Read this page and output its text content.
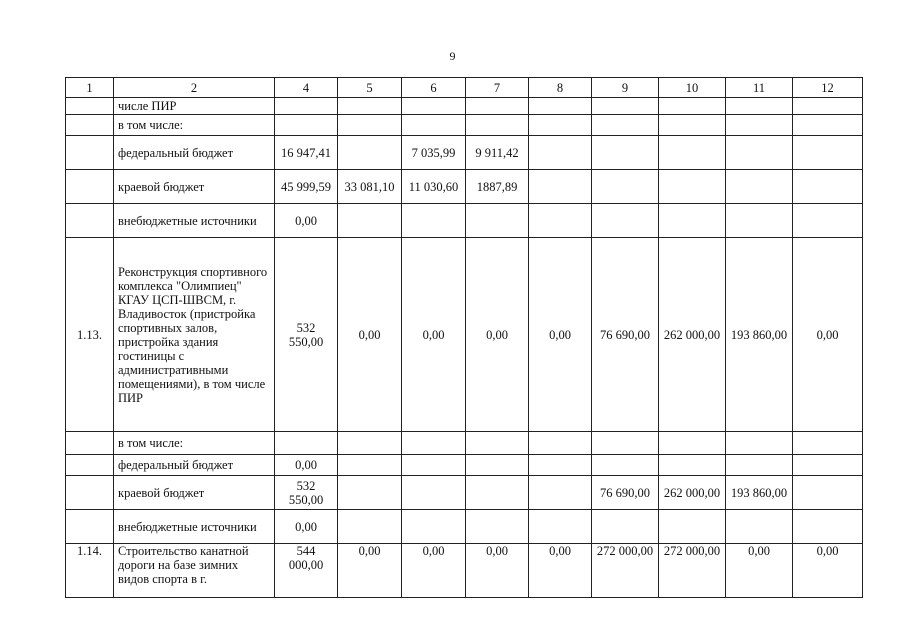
9
1	2	4	5	6	7	8	9	10	11	12
	числе ПИР									
	в том числе:									
	федеральный бюджет	16 947,41		7 035,99	9 911,42					
	краевой бюджет	45 999,59	33 081,10	11 030,60	1887,89					
	внебюджетные источники	0,00								
1.13.	Реконструкция спортивного комплекса "Олимпиец" КГАУ ЦСП-ШВСМ, г. Владивосток (пристройка спортивных залов, пристройка здания гостиницы с административными помещениями), в том числе ПИР	532 550,00	0,00	0,00	0,00	0,00	76 690,00	262 000,00	193 860,00	0,00
	в том числе:									
	федеральный бюджет	0,00								
	краевой бюджет	532 550,00					76 690,00	262 000,00	193 860,00	
	внебюджетные источники	0,00								
1.14.	Строительство канатной дороги на базе зимних видов спорта в г.	544 000,00	0,00	0,00	0,00	0,00	272 000,00	272 000,00	0,00	0,00
